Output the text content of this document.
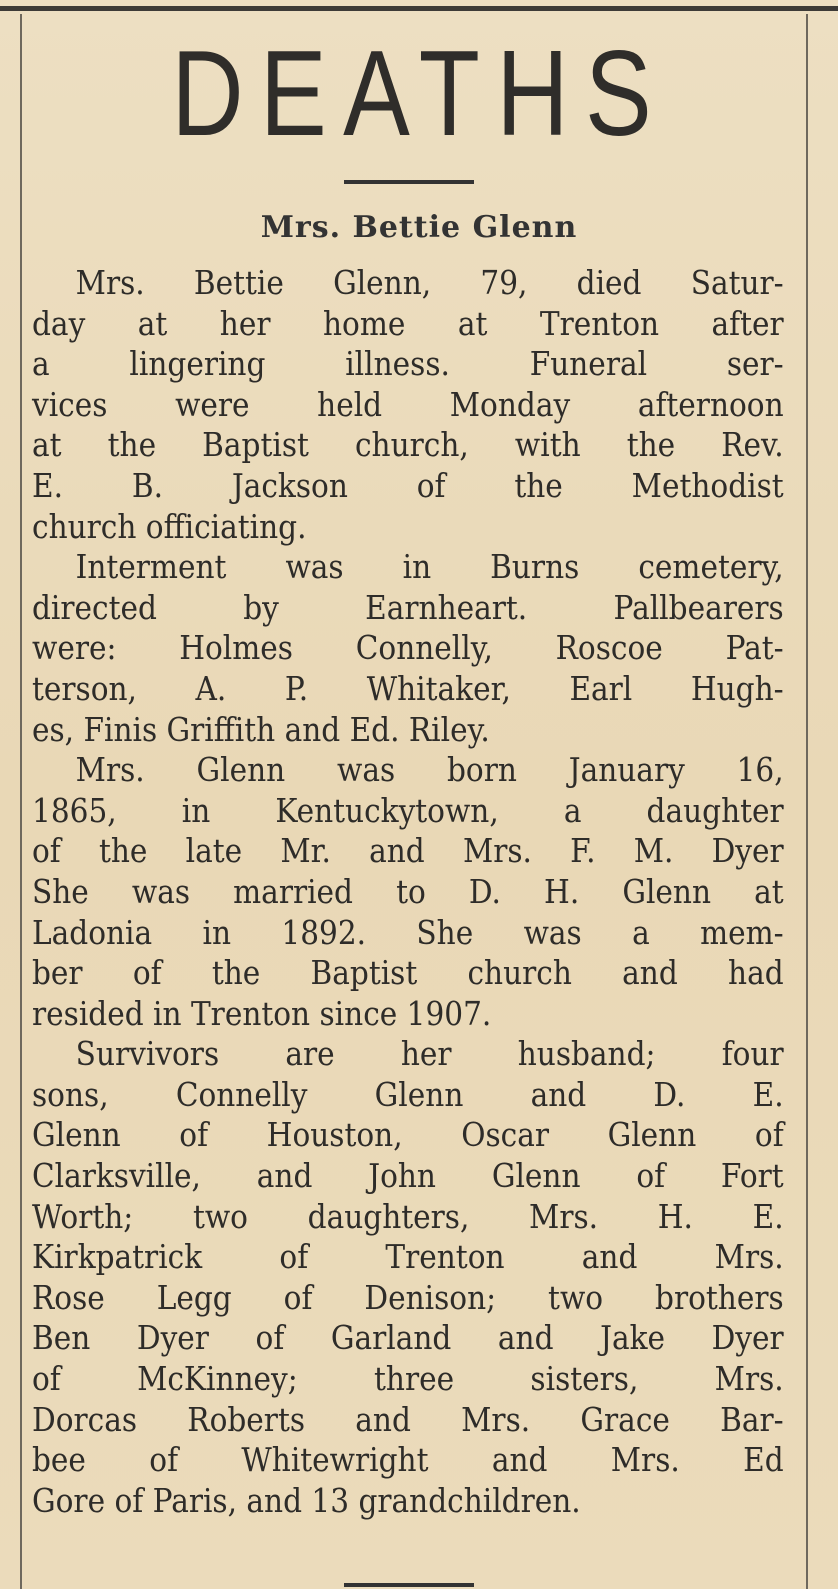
DEATHS
Mrs. Bettie Glenn

Mrs. Bettie Glenn, 79, died Satur-

day at her home at Trenton after

a lingering illness. Funeral ser-

vices were held Monday afternoon

at the Baptist church, with the Rev.

E. B. Jackson of the Methodist

church officiating.

Interment was in Burns cemetery,

directed by Earnheart. Pallbearers

were: Holmes Connelly, Roscoe Pat-

terson, A. P. Whitaker, Earl Hugh-

es, Finis Griffith and Ed. Riley.

Mrs. Glenn was born January 16,

1865, in Kentuckytown, a daughter

of the late Mr. and Mrs. F. M. Dyer

She was married to D. H. Glenn at

Ladonia in 1892. She was a mem-

ber of the Baptist church and had

resided in Trenton since 1907.

Survivors are her husband; four

sons, Connelly Glenn and D. E.

Glenn of Houston, Oscar Glenn of

Clarksville, and John Glenn of Fort

Worth; two daughters, Mrs. H. E.

Kirkpatrick of Trenton and Mrs.

Rose Legg of Denison; two brothers

Ben Dyer of Garland and Jake Dyer

of McKinney; three sisters, Mrs.

Dorcas Roberts and Mrs. Grace Bar-

bee of Whitewright and Mrs. Ed

Gore of Paris, and 13 grandchildren.
